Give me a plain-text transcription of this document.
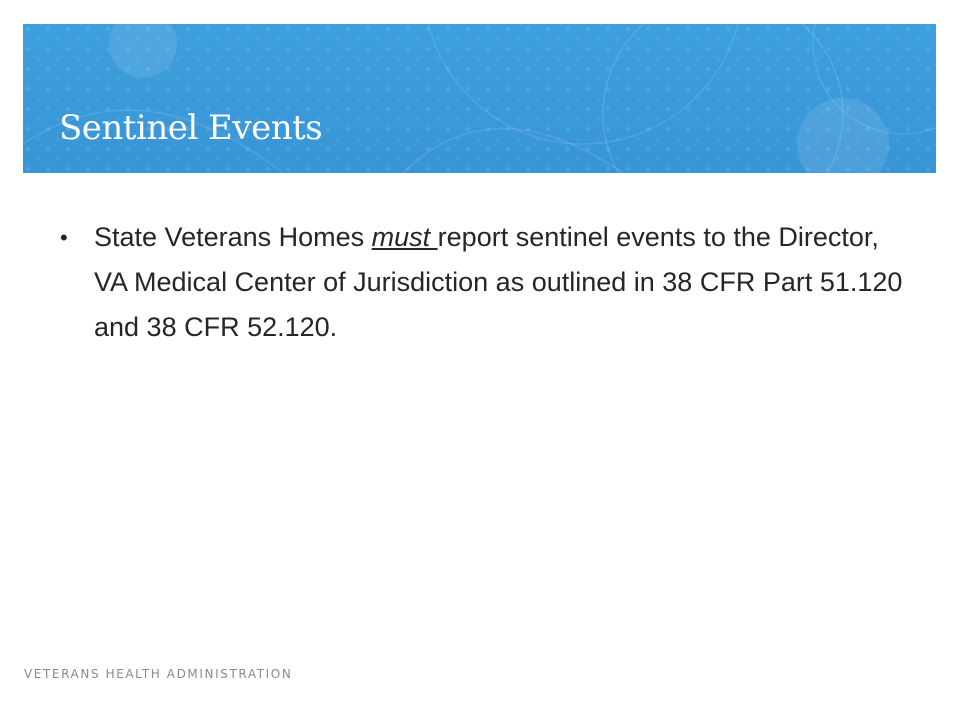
Sentinel Events
• State Veterans Homes must report sentinel events to the Director, VA Medical Center of Jurisdiction as outlined in 38 CFR Part 51.120 and 38 CFR 52.120.
VETERANS HEALTH ADMINISTRATION
